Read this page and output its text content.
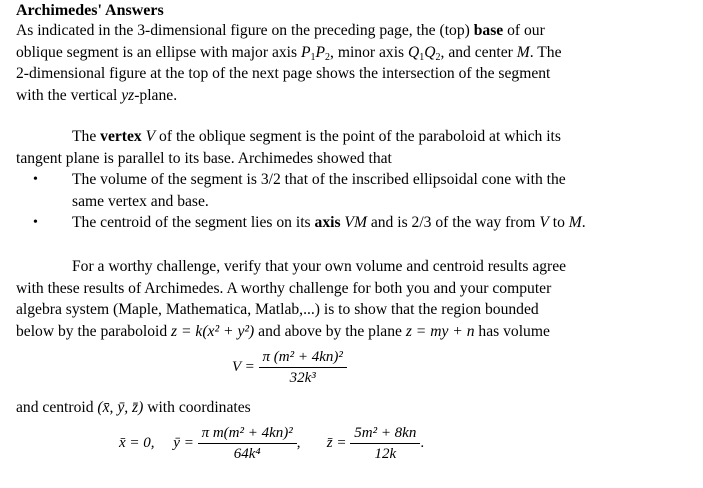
Archimedes' Answers
As indicated in the 3-dimensional figure on the preceding page, the (top) base of our
oblique segment is an ellipse with major axis $P_1P_2$, minor axis $Q_1Q_2$, and center M. The
2-dimensional figure at the top of the next page shows the intersection of the segment
with the vertical yz-plane.
The vertex V of the oblique segment is the point of the paraboloid at which its
tangent plane is parallel to its base. Archimedes showed that
•	The volume of the segment is 3/2 that of the inscribed ellipsoidal cone with the
same vertex and base.
•	The centroid of the segment lies on its axis VM and is 2/3 of the way from V to M.
For a worthy challenge, verify that your own volume and centroid results agree
with these results of Archimedes. A worthy challenge for both you and your computer
algebra system (Maple, Mathematica, Matlab,...) is to show that the region bounded
below by the paraboloid z = k(x² + y²) and above by the plane z = my + n has volume
$V = \frac{\text{π (m² + 4kn)²}}{\text{32k³}}$
and centroid (x̄, ȳ, z̄) with coordinates
x̄ = 0, ȳ = $\frac{\text{π m(m² + 4kn)²}}{\text{64k⁴}}$ , z̄ = $\frac{\text{5m² + 8kn}}{12k}$ .
